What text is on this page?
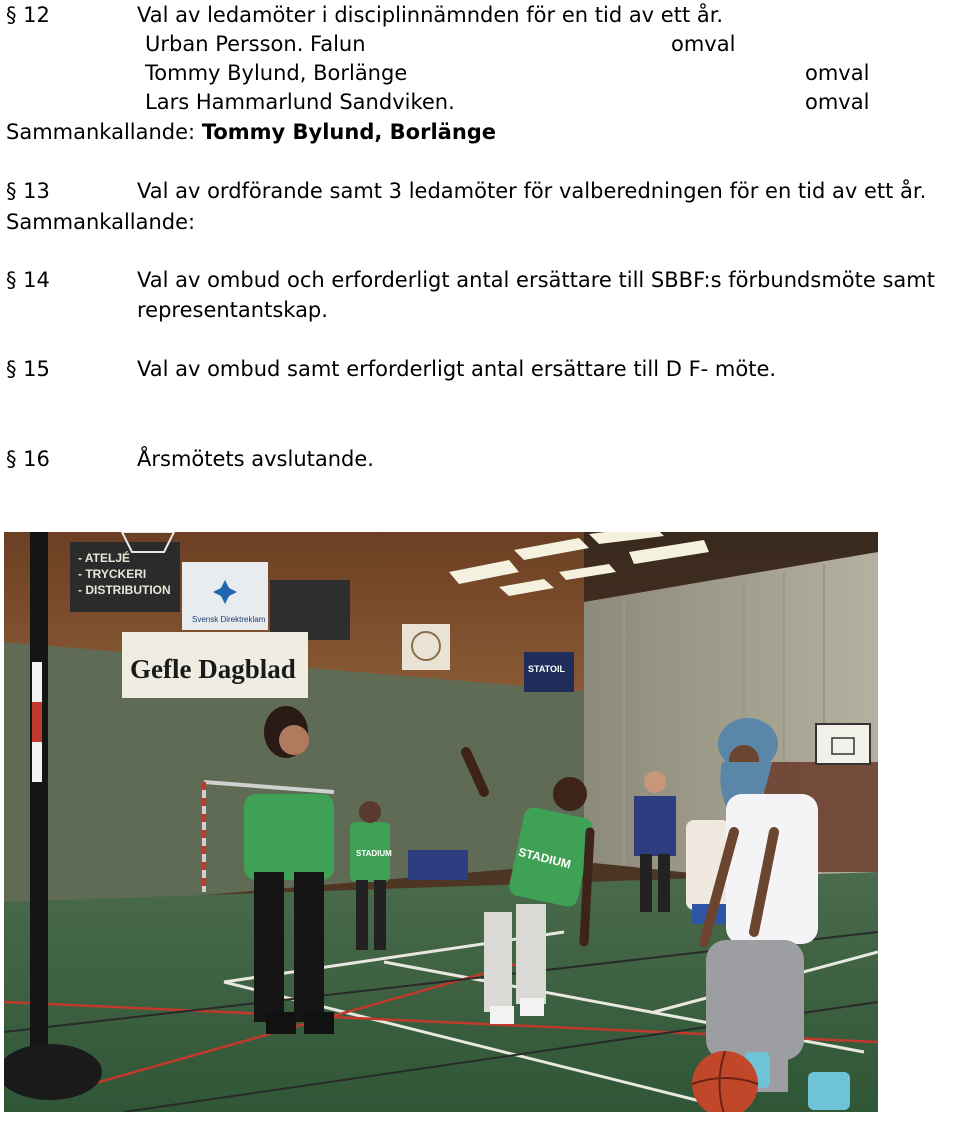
§ 12	Val av ledamöter i disciplinnämnden för en tid av ett år.
Urban Persson. Falun	omval
Tommy Bylund, Borlänge	omval
Lars Hammarlund Sandviken.	omval
Sammankallande: Tommy Bylund, Borlänge
§ 13	Val av ordförande samt 3 ledamöter för valberedningen för en tid av ett år.
Sammankallande:
§ 14	Val av ombud och erforderligt antal ersättare till SBBF:s förbundsmöte samt
representantskap.
§ 15	Val av ombud samt erforderligt antal ersättare till D F- möte.
§ 16	Årsmötets avslutande.
- ATELJÉ
- TRYCKERI
- DISTRIBUTION
Svensk Direktreklam
Gefle Dagblad	STATOIL
STADIUM	STADIUM
